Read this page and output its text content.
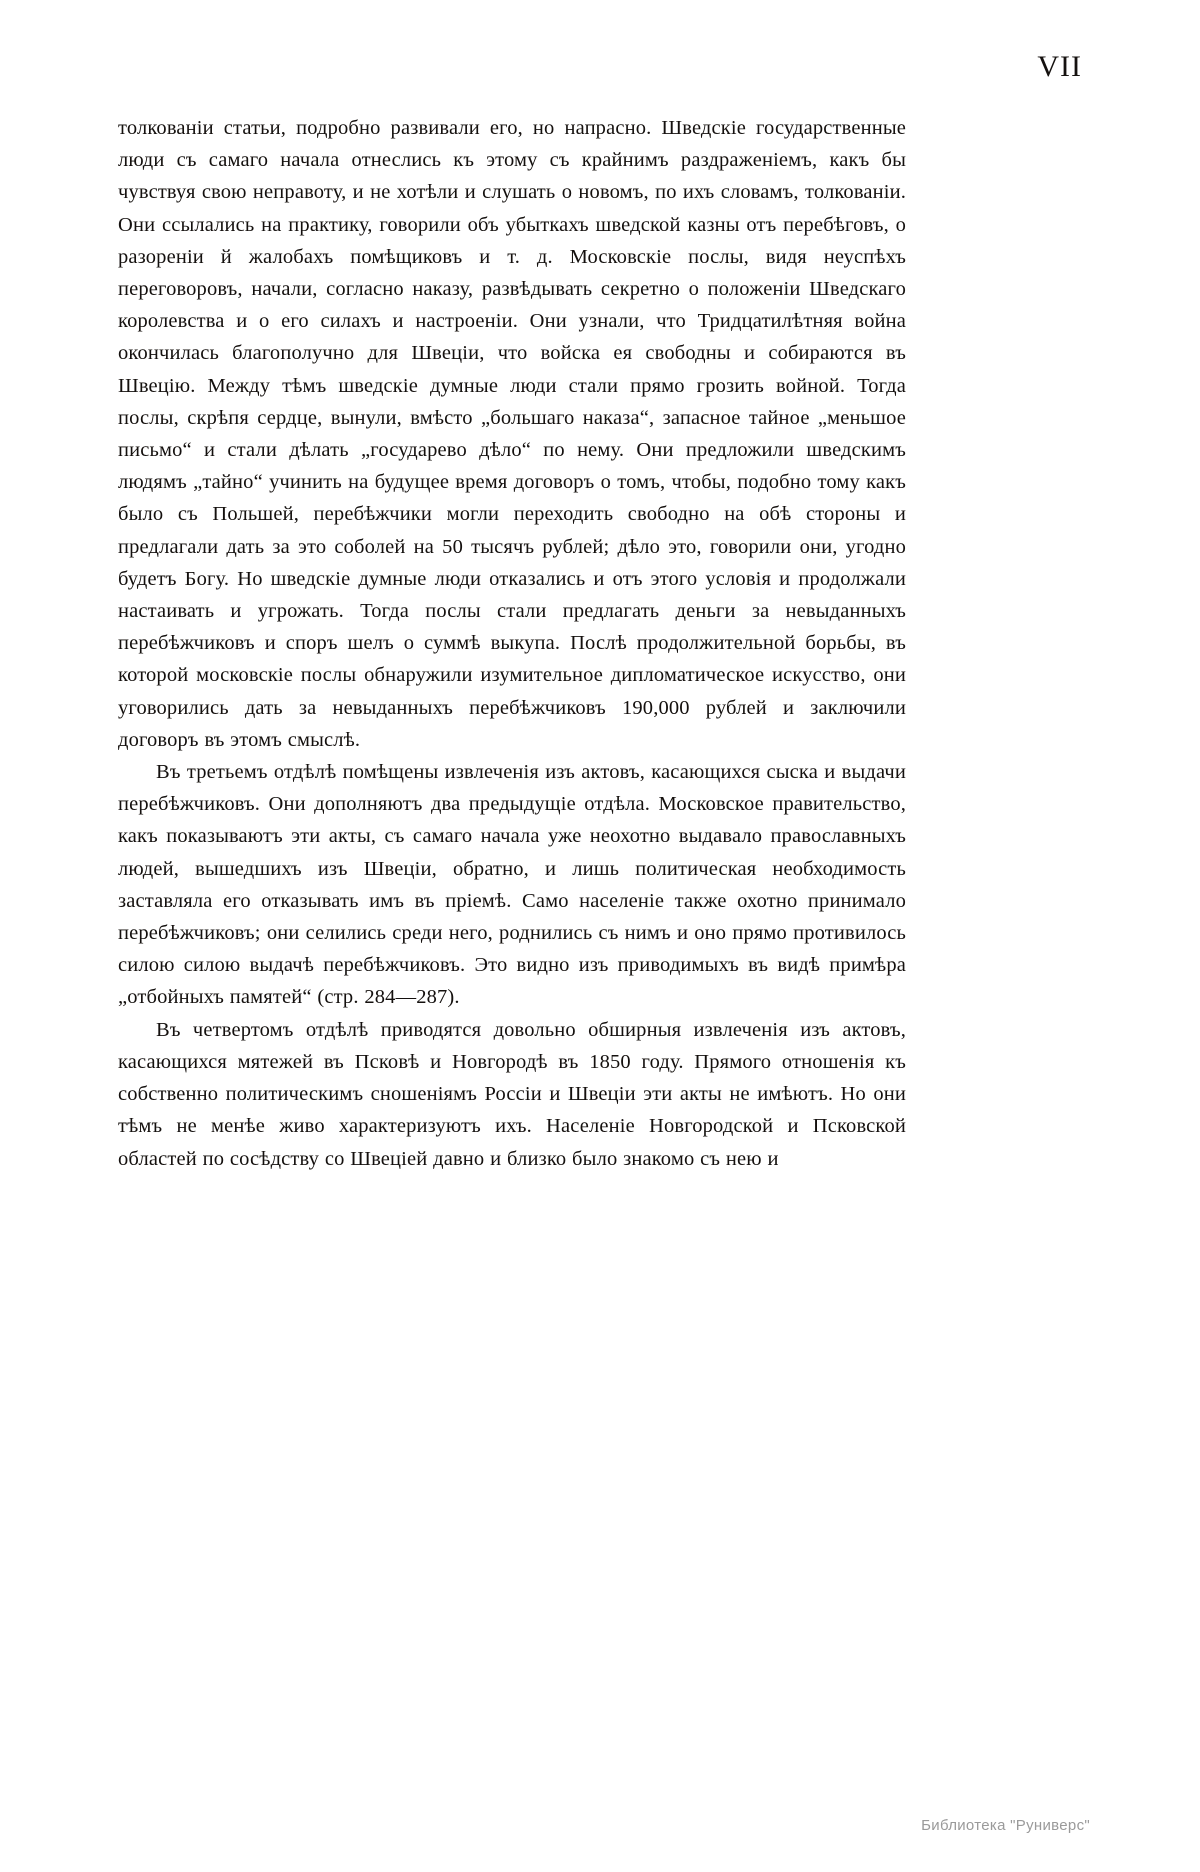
VII

толкованіи статьи, подробно развивали его, но напрасно. Шведскіе государственные люди съ самаго начала отнеслись къ этому съ крайнимъ раздраженіемъ, какъ бы чувствуя свою неправоту, и не хотѣли и слушать о новомъ, по ихъ словамъ, толкованіи. Они ссылались на практику, говорили объ убыткахъ шведской казны отъ перебѣговъ, о разореніи й жалобахъ помѣщиковъ и т. д. Московскіе послы, видя неуспѣхъ переговоровъ, начали, согласно наказу, развѣдывать секретно о положеніи Шведскаго королевства и о его силахъ и настроеніи. Они узнали, что Тридцатилѣтняя война окончилась благополучно для Швеціи, что войска ея свободны и собираются въ Швецію. Между тѣмъ шведскіе думные люди стали прямо грозить войной. Тогда послы, скрѣпя сердце, вынули, вмѣсто „большаго наказа“, запасное тайное „меньшое письмо“ и стали дѣлать „государево дѣло“ по нему. Они предложили шведскимъ людямъ „тайно“ учинить на будущее время договоръ о томъ, чтобы, подобно тому какъ было съ Польшей, перебѣжчики могли переходить свободно на обѣ стороны и предлагали дать за это соболей на 50 тысячъ рублей; дѣло это, говорили они, угодно будетъ Богу. Но шведскіе думные люди отказались и отъ этого условія и продолжали настаивать и угрожать. Тогда послы стали предлагать деньги за невыданныхъ перебѣжчиковъ и споръ шелъ о суммѣ выкупа. Послѣ продолжительной борьбы, въ которой московскіе послы обнаружили изумительное дипломатическое искусство, они уговорились дать за невыданныхъ перебѣжчиковъ 190,000 рублей и заключили договоръ въ этомъ смыслѣ.

Въ третьемъ отдѣлѣ помѣщены извлеченія изъ актовъ, касающихся сыска и выдачи перебѣжчиковъ. Они дополняютъ два предыдущіе отдѣла. Московское правительство, какъ показываютъ эти акты, съ самаго начала уже неохотно выдавало православныхъ людей, вышедшихъ изъ Швеціи, обратно, и лишь политическая необходимость заставляла его отказывать имъ въ пріемѣ. Само населеніе также охотно принимало перебѣжчиковъ; они селились среди него, роднились съ нимъ и оно прямо противилось силою силою выдачѣ перебѣжчиковъ. Это видно изъ приводимыхъ въ видѣ примѣра „отбойныхъ памятей“ (стр. 284—287).

Въ четвертомъ отдѣлѣ приводятся довольно обширныя извлеченія изъ актовъ, касающихся мятежей въ Псковѣ и Новгородѣ въ 1850 году. Прямого отношенія къ собственно политическимъ сношеніямъ Россіи и Швеціи эти акты не имѣютъ. Но они тѣмъ не менѣе живо характеризуютъ ихъ. Населеніе Новгородской и Псковской областей по сосѣдству со Швеціей давно и близко было знакомо съ нею и

Библиотека "Руниверс"
